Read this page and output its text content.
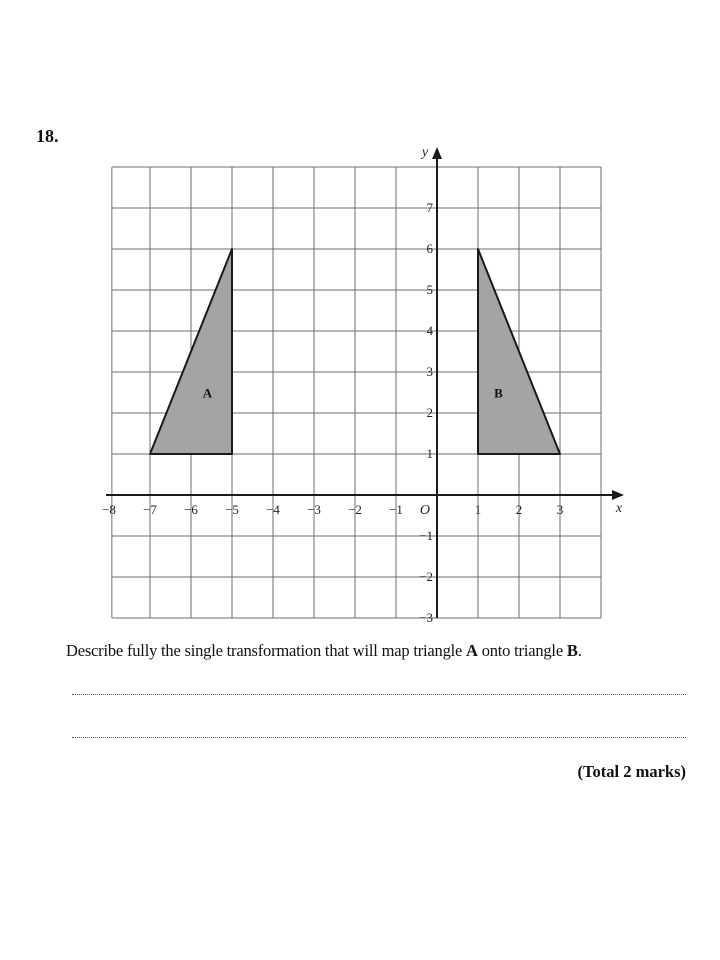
18.
A	B
−8 −7 −6 −5 −4 −3 −2 −1	1	2	3
7
6
5
4
3
2
1
−1
−2
−3
O	x
y
Describe fully the single transformation that will map triangle A onto triangle B.
(Total 2 marks)
